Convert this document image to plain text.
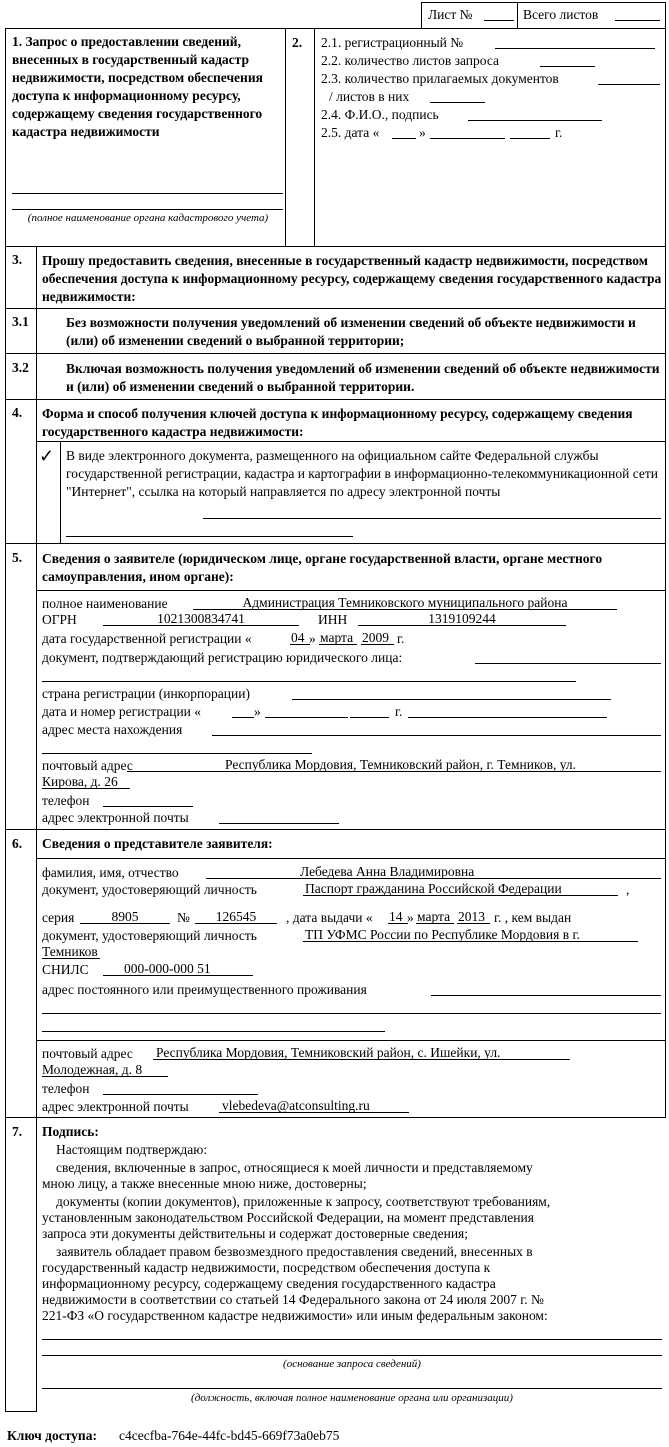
Лист №	Всего листов
1. Запрос о предоставлении сведений, внесенных в государственный кадастр недвижимости, посредством обеспечения доступа к информационному ресурсу, содержащему сведения государственного кадастра недвижимости
(полное наименование органа кадастрового учета)
2. 2.1. регистрационный №
2.2. количество листов запроса
2.3. количество прилагаемых документов
/ листов в них
2.4. Ф.И.О., подпись
2.5. дата «	»	г.
3. Прошу предоставить сведения, внесенные в государственный кадастр недвижимости, посредством обеспечения доступа к информационному ресурсу, содержащему сведения государственного кадастра недвижимости:
3.1	Без возможности получения уведомлений об изменении сведений об объекте недвижимости и (или) об изменении сведений о выбранной территории;
3.2	Включая возможность получения уведомлений об изменении сведений об объекте недвижимости и (или) об изменении сведений о выбранной территории.
4. Форма и способ получения ключей доступа к информационному ресурсу, содержащему сведения государственного кадастра недвижимости:
✓ В виде электронного документа, размещенного на официальном сайте Федеральной службы государственной регистрации, кадастра и картографии в информационно-телекоммуникационной сети "Интернет", ссылка на который направляется по адресу электронной почты
5. Сведения о заявителе (юридическом лице, органе государственной власти, органе местного самоуправления, ином органе):
полное наименование	Администрация Темниковского муниципального района
ОГРН	1021300834741	ИНН	1319109244
дата государственной регистрации «	04 » марта 2009 г.
документ, подтверждающий регистрацию юридического лица:
страна регистрации (инкорпорации)
дата и номер регистрации «	»	г.
адрес места нахождения
почтовый адрес	Республика Мордовия, Темниковский район, г. Темников, ул.
Кирова, д. 26
телефон
адрес электронной почты
6. Сведения о представителе заявителя:
фамилия, имя, отчество	Лебедева Анна Владимировна
документ, удостоверяющий личность	Паспорт гражданина Российской Федерации	,
серия	8905	№	126545	, дата выдачи « 14 » марта 2013 г. , кем выдан
документ, удостоверяющий личность	ТП УФМС России по Республике Мордовия в г.
Темников
СНИЛС	000-000-000 51
адрес постоянного или преимущественного проживания
почтовый адрес Республика Мордовия, Темниковский район, с. Ишейки, ул.
Молодежная, д. 8
телефон
адрес электронной почты vlebedeva@atconsulting.ru
7. Подпись:
Настоящим подтверждаю:
сведения, включенные в запрос, относящиеся к моей личности и представляемому
мною лицу, а также внесенные мною ниже, достоверны;
документы (копии документов), приложенные к запросу, соответствуют требованиям,
установленным законодательством Российской Федерации, на момент представления
запроса эти документы действительны и содержат достоверные сведения;
заявитель обладает правом безвозмездного предоставления сведений, внесенных в
государственный кадастр недвижимости, посредством обеспечения доступа к
информационному ресурсу, содержащему сведения государственного кадастра
недвижимости в соответствии со статьей 14 Федерального закона от 24 июля 2007 г. №
221-ФЗ «О государственном кадастре недвижимости» или иным федеральным законом:
(основание запроса сведений)
(должность, включая полное наименование органа или организации)
Ключ доступа: c4cecfba-764e-44fc-bd45-669f73a0eb75
